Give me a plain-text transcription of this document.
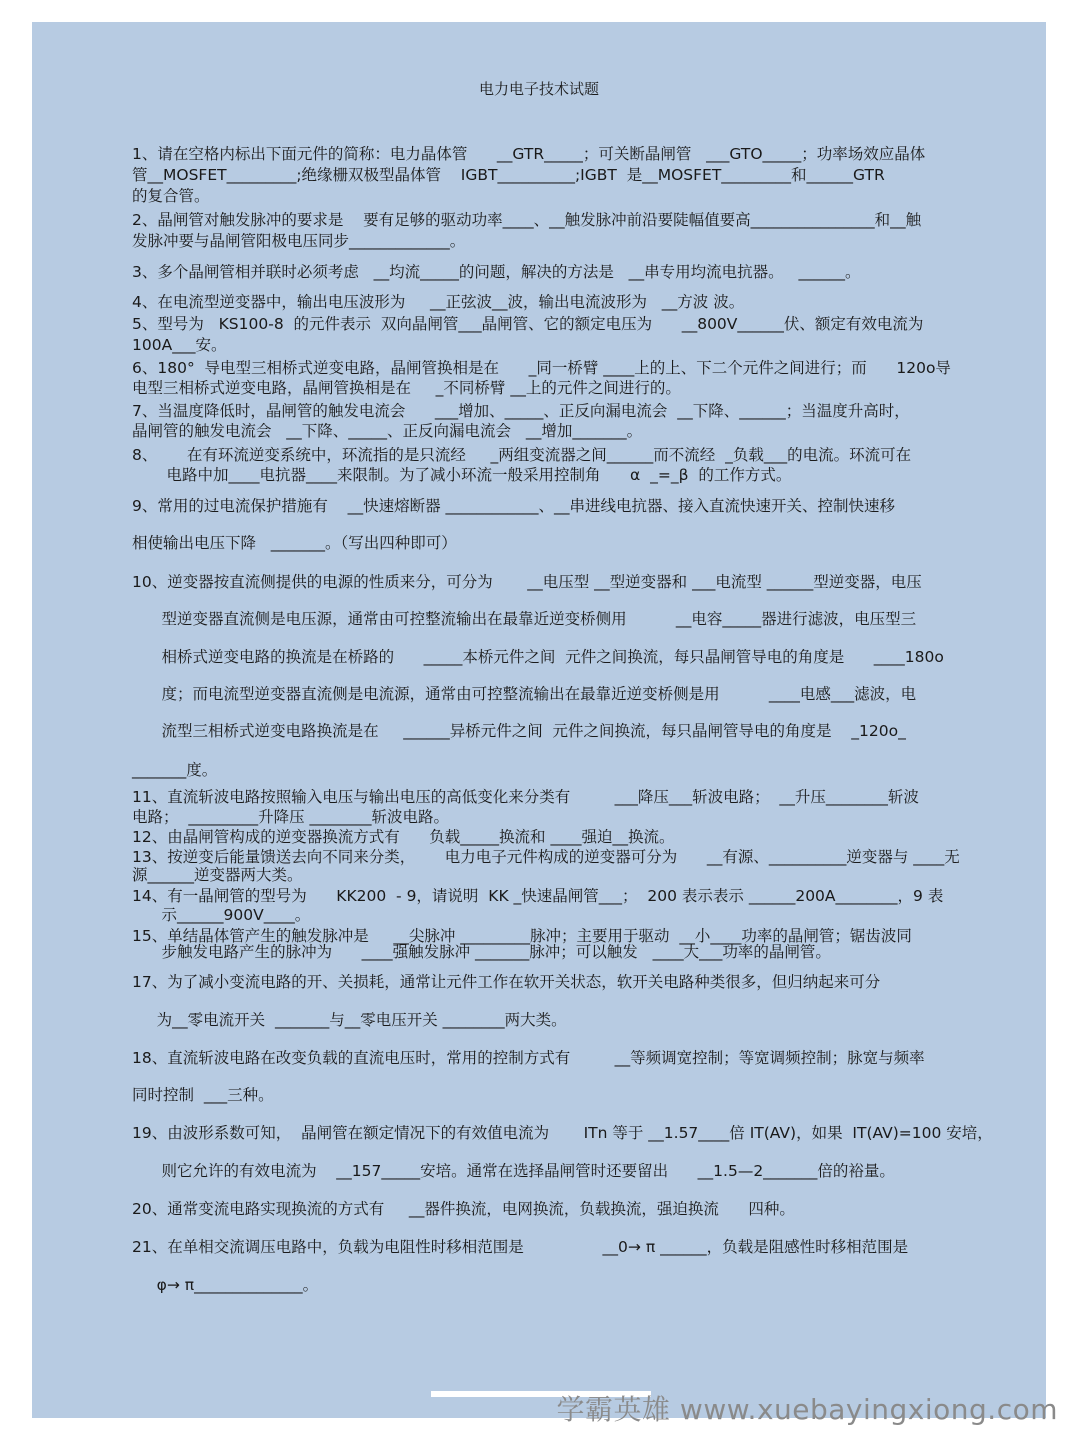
电力电子技术试题
1、请在空格内标出下面元件的简称：电力晶体管      __GTR_____；可关断晶闸管   ___GTO_____；功率场效应晶体
管__MOSFET_________;绝缘栅双极型晶体管    IGBT__________;IGBT  是__MOSFET_________和______GTR
的复合管。
2、晶闸管对触发脉冲的要求是    要有足够的驱动功率____、__触发脉冲前沿要陡幅值要高________________和__触
发脉冲要与晶闸管阳极电压同步_____________。
3、多个晶闸管相并联时必须考虑   __均流_____的问题，解决的方法是   __串专用均流电抗器。   ______。
4、在电流型逆变器中，输出电压波形为     __正弦波__波，输出电流波形为   __方波 波。
5、型号为   KS100-8  的元件表示  双向晶闸管___晶闸管、它的额定电压为      __800V______伏、额定有效电流为
100A___安。
6、180°  导电型三相桥式逆变电路，晶闸管换相是在      _同一桥臂 ____上的上、下二个元件之间进行；而      120o导
电型三相桥式逆变电路，晶闸管换相是在     _不同桥臂 __上的元件之间进行的。
7、当温度降低时，晶闸管的触发电流会      ___增加、_____、正反向漏电流会  __下降、______；当温度升高时，
晶闸管的触发电流会   __下降、_____、正反向漏电流会   __增加_______。
8、      在有环流逆变系统中，环流指的是只流经     _两组变流器之间______而不流经  _负载___的电流。环流可在
电路中加____电抗器____来限制。为了减小环流一般采用控制角      α  _=_β  的工作方式。
9、常用的过电流保护措施有    __快速熔断器 ____________、__串进线电抗器、接入直流快速开关、控制快速移
相使输出电压下降   _______。（写出四种即可）
10、逆变器按直流侧提供的电源的性质来分，可分为       __电压型 __型逆变器和 ___电流型 ______型逆变器，电压
型逆变器直流侧是电压源，通常由可控整流输出在最靠近逆变桥侧用          __电容_____器进行滤波，电压型三
相桥式逆变电路的换流是在桥路的      _____本桥元件之间  元件之间换流，每只晶闸管导电的角度是      ____180o
度；而电流型逆变器直流侧是电流源，通常由可控整流输出在最靠近逆变桥侧是用          ____电感___滤波，电
流型三相桥式逆变电路换流是在     ______异桥元件之间  元件之间换流，每只晶闸管导电的角度是    _120o_
_______度。
11、直流斩波电路按照输入电压与输出电压的高低变化来分类有         ___降压___斩波电路；  __升压________斩波
电路；  _________升降压 ________斩波电路。
12、由晶闸管构成的逆变器换流方式有      负载_____换流和 ____强迫__换流。
13、按逆变后能量馈送去向不同来分类，      电力电子元件构成的逆变器可分为      __有源、__________逆变器与 ____无
源______逆变器两大类。
14、有一晶闸管的型号为      KK200  - 9，请说明  KK _快速晶闸管___；  200 表示表示 ______200A________，9 表
示______900V____。
15、单结晶体管产生的触发脉冲是     __尖脉冲 _________脉冲；主要用于驱动  __小____功率的晶闸管；锯齿波同
步触发电路产生的脉冲为      ____强触发脉冲 _______脉冲；可以触发   ____大___功率的晶闸管。
17、为了减小变流电路的开、关损耗，通常让元件工作在软开关状态，软开关电路种类很多，但归纳起来可分
为__零电流开关  _______与__零电压开关 ________两大类。
18、直流斩波电路在改变负载的直流电压时，常用的控制方式有         __等频调宽控制；等宽调频控制；脉宽与频率
同时控制  ___三种。
19、由波形系数可知，  晶闸管在额定情况下的有效值电流为       ITn 等于 __1.57____倍 IT(AV)，如果  IT(AV)=100 安培，
则它允许的有效电流为    __157_____安培。通常在选择晶闸管时还要留出      __1.5—2_______倍的裕量。
20、通常变流电路实现换流的方式有     __器件换流，电网换流，负载换流，强迫换流      四种。
21、在单相交流调压电路中，负载为电阻性时移相范围是                __0→ π ______，负载是阻感性时移相范围是
φ→ π______________。
学霸英雄 www.xuebayingxiong.com
